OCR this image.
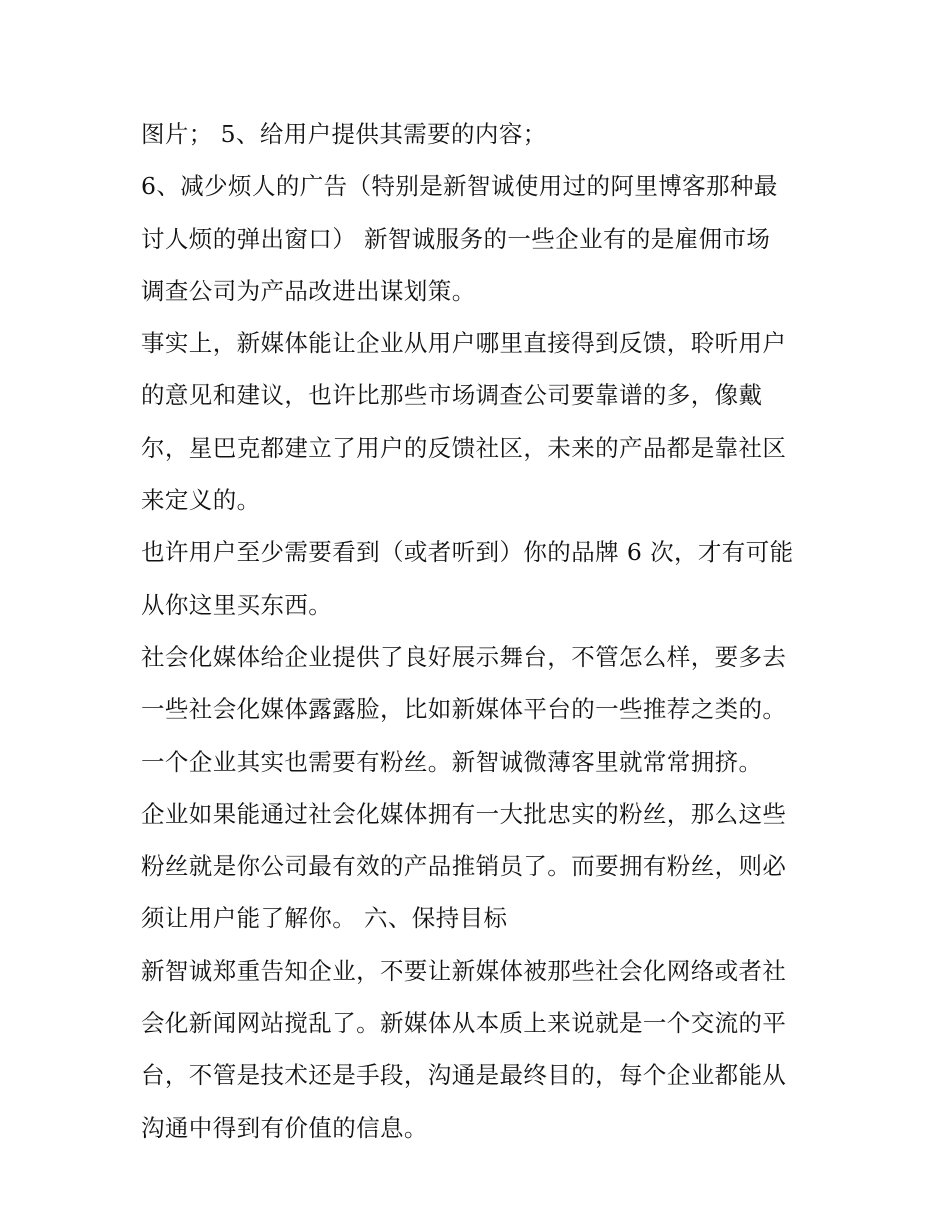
图片； 5、给用户提供其需要的内容；
6、减少烦人的广告（特别是新智诚使用过的阿里博客那种最
讨人烦的弹出窗口） 新智诚服务的一些企业有的是雇佣市场
调查公司为产品改进出谋划策。
事实上，新媒体能让企业从用户哪里直接得到反馈，聆听用户
的意见和建议，也许比那些市场调查公司要靠谱的多，像戴
尔，星巴克都建立了用户的反馈社区，未来的产品都是靠社区
来定义的。
也许用户至少需要看到（或者听到）你的品牌 6 次，才有可能
从你这里买东西。
社会化媒体给企业提供了良好展示舞台，不管怎么样，要多去
一些社会化媒体露露脸，比如新媒体平台的一些推荐之类的。
一个企业其实也需要有粉丝。新智诚微薄客里就常常拥挤。
企业如果能通过社会化媒体拥有一大批忠实的粉丝，那么这些
粉丝就是你公司最有效的产品推销员了。而要拥有粉丝，则必
须让用户能了解你。 六、保持目标
新智诚郑重告知企业，不要让新媒体被那些社会化网络或者社
会化新闻网站搅乱了。新媒体从本质上来说就是一个交流的平
台，不管是技术还是手段，沟通是最终目的，每个企业都能从
沟通中得到有价值的信息。
